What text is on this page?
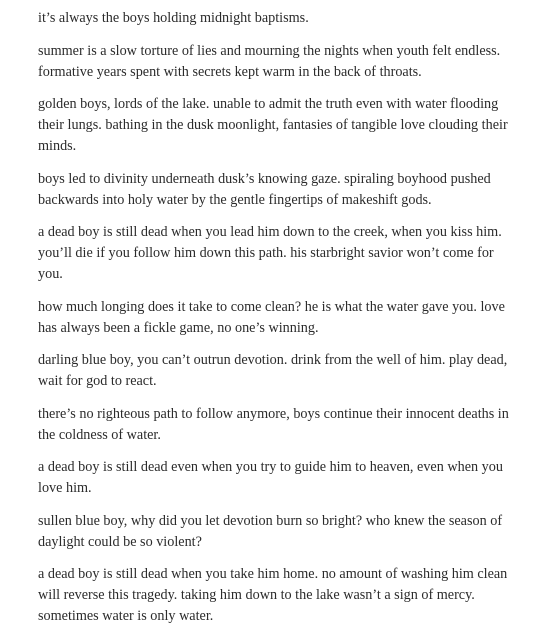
it’s always the boys holding midnight baptisms.

summer is a slow torture of lies and mourning the nights when youth felt endless. formative years spent with secrets kept warm in the back of throats.

golden boys, lords of the lake. unable to admit the truth even with water flooding their lungs. bathing in the dusk moonlight, fantasies of tangible love clouding their minds.

boys led to divinity underneath dusk’s knowing gaze. spiraling boyhood pushed backwards into holy water by the gentle fingertips of makeshift gods.

a dead boy is still dead when you lead him down to the creek, when you kiss him. you’ll die if you follow him down this path. his starbright savior won’t come for you.

how much longing does it take to come clean? he is what the water gave you. love has always been a fickle game, no one’s winning.

darling blue boy, you can’t outrun devotion. drink from the well of him. play dead, wait for god to react.

there’s no righteous path to follow anymore, boys continue their innocent deaths in the coldness of water.

a dead boy is still dead even when you try to guide him to heaven, even when you love him.

sullen blue boy, why did you let devotion burn so bright? who knew the season of daylight could be so violent?

a dead boy is still dead when you take him home. no amount of washing him clean will reverse this tragedy. taking him down to the lake wasn’t a sign of mercy. sometimes water is only water.
